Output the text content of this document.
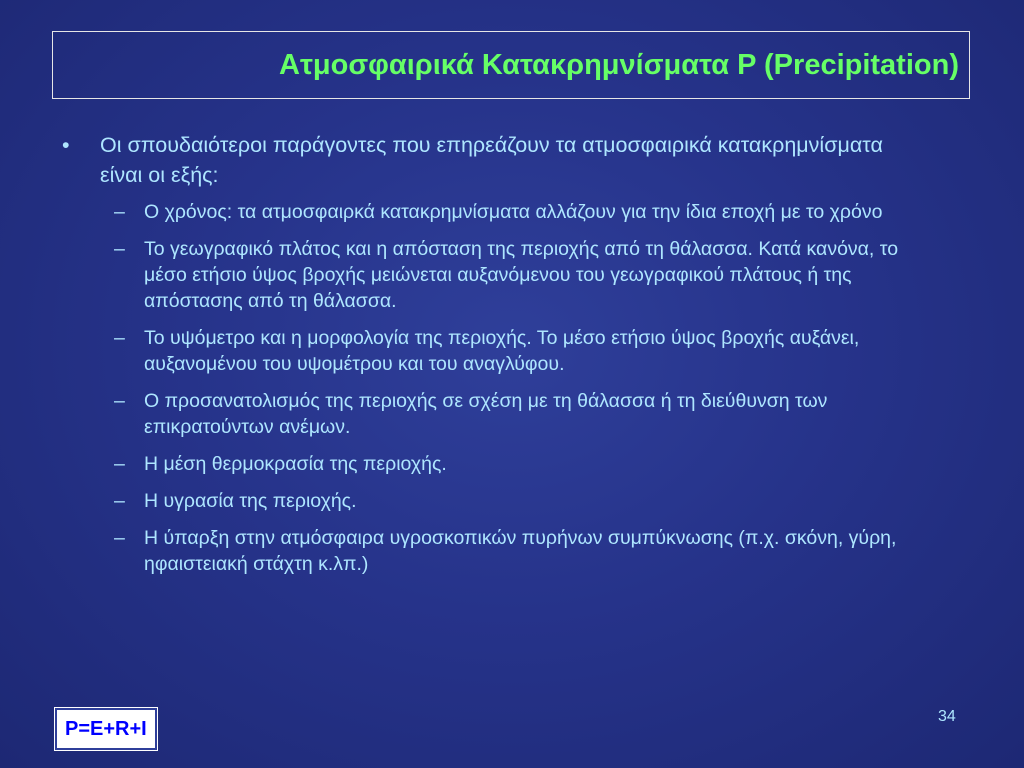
Ατμοσφαιρικά Κατακρημνίσματα P (Precipitation)
•	Οι σπουδαιότεροι παράγοντες που επηρεάζουν τα ατμοσφαιρικά κατακρημνίσματα είναι οι εξής:
– Ο χρόνος: τα ατμοσφαιρκά κατακρημνίσματα αλλάζουν για την ίδια εποχή με το χρόνο
– Το γεωγραφικό πλάτος και η απόσταση της περιοχής από τη θάλασσα. Κατά κανόνα, το μέσο ετήσιο ύψος βροχής μειώνεται αυξανόμενου του γεωγραφικού πλάτους ή της απόστασης από τη θάλασσα.
– Το υψόμετρο και η μορφολογία της περιοχής. Το μέσο ετήσιο ύψος βροχής αυξάνει, αυξανομένου του υψομέτρου και του αναγλύφου.
– Ο προσανατολισμός της περιοχής σε σχέση με τη θάλασσα ή τη διεύθυνση των επικρατούντων ανέμων.
– Η μέση θερμοκρασία της περιοχής.
– Η υγρασία της περιοχής.
– Η ύπαρξη στην ατμόσφαιρα υγροσκοπικών πυρήνων συμπύκνωσης (π.χ. σκόνη, γύρη, ηφαιστειακή στάχτη κ.λπ.)
P=E+R+I
34
